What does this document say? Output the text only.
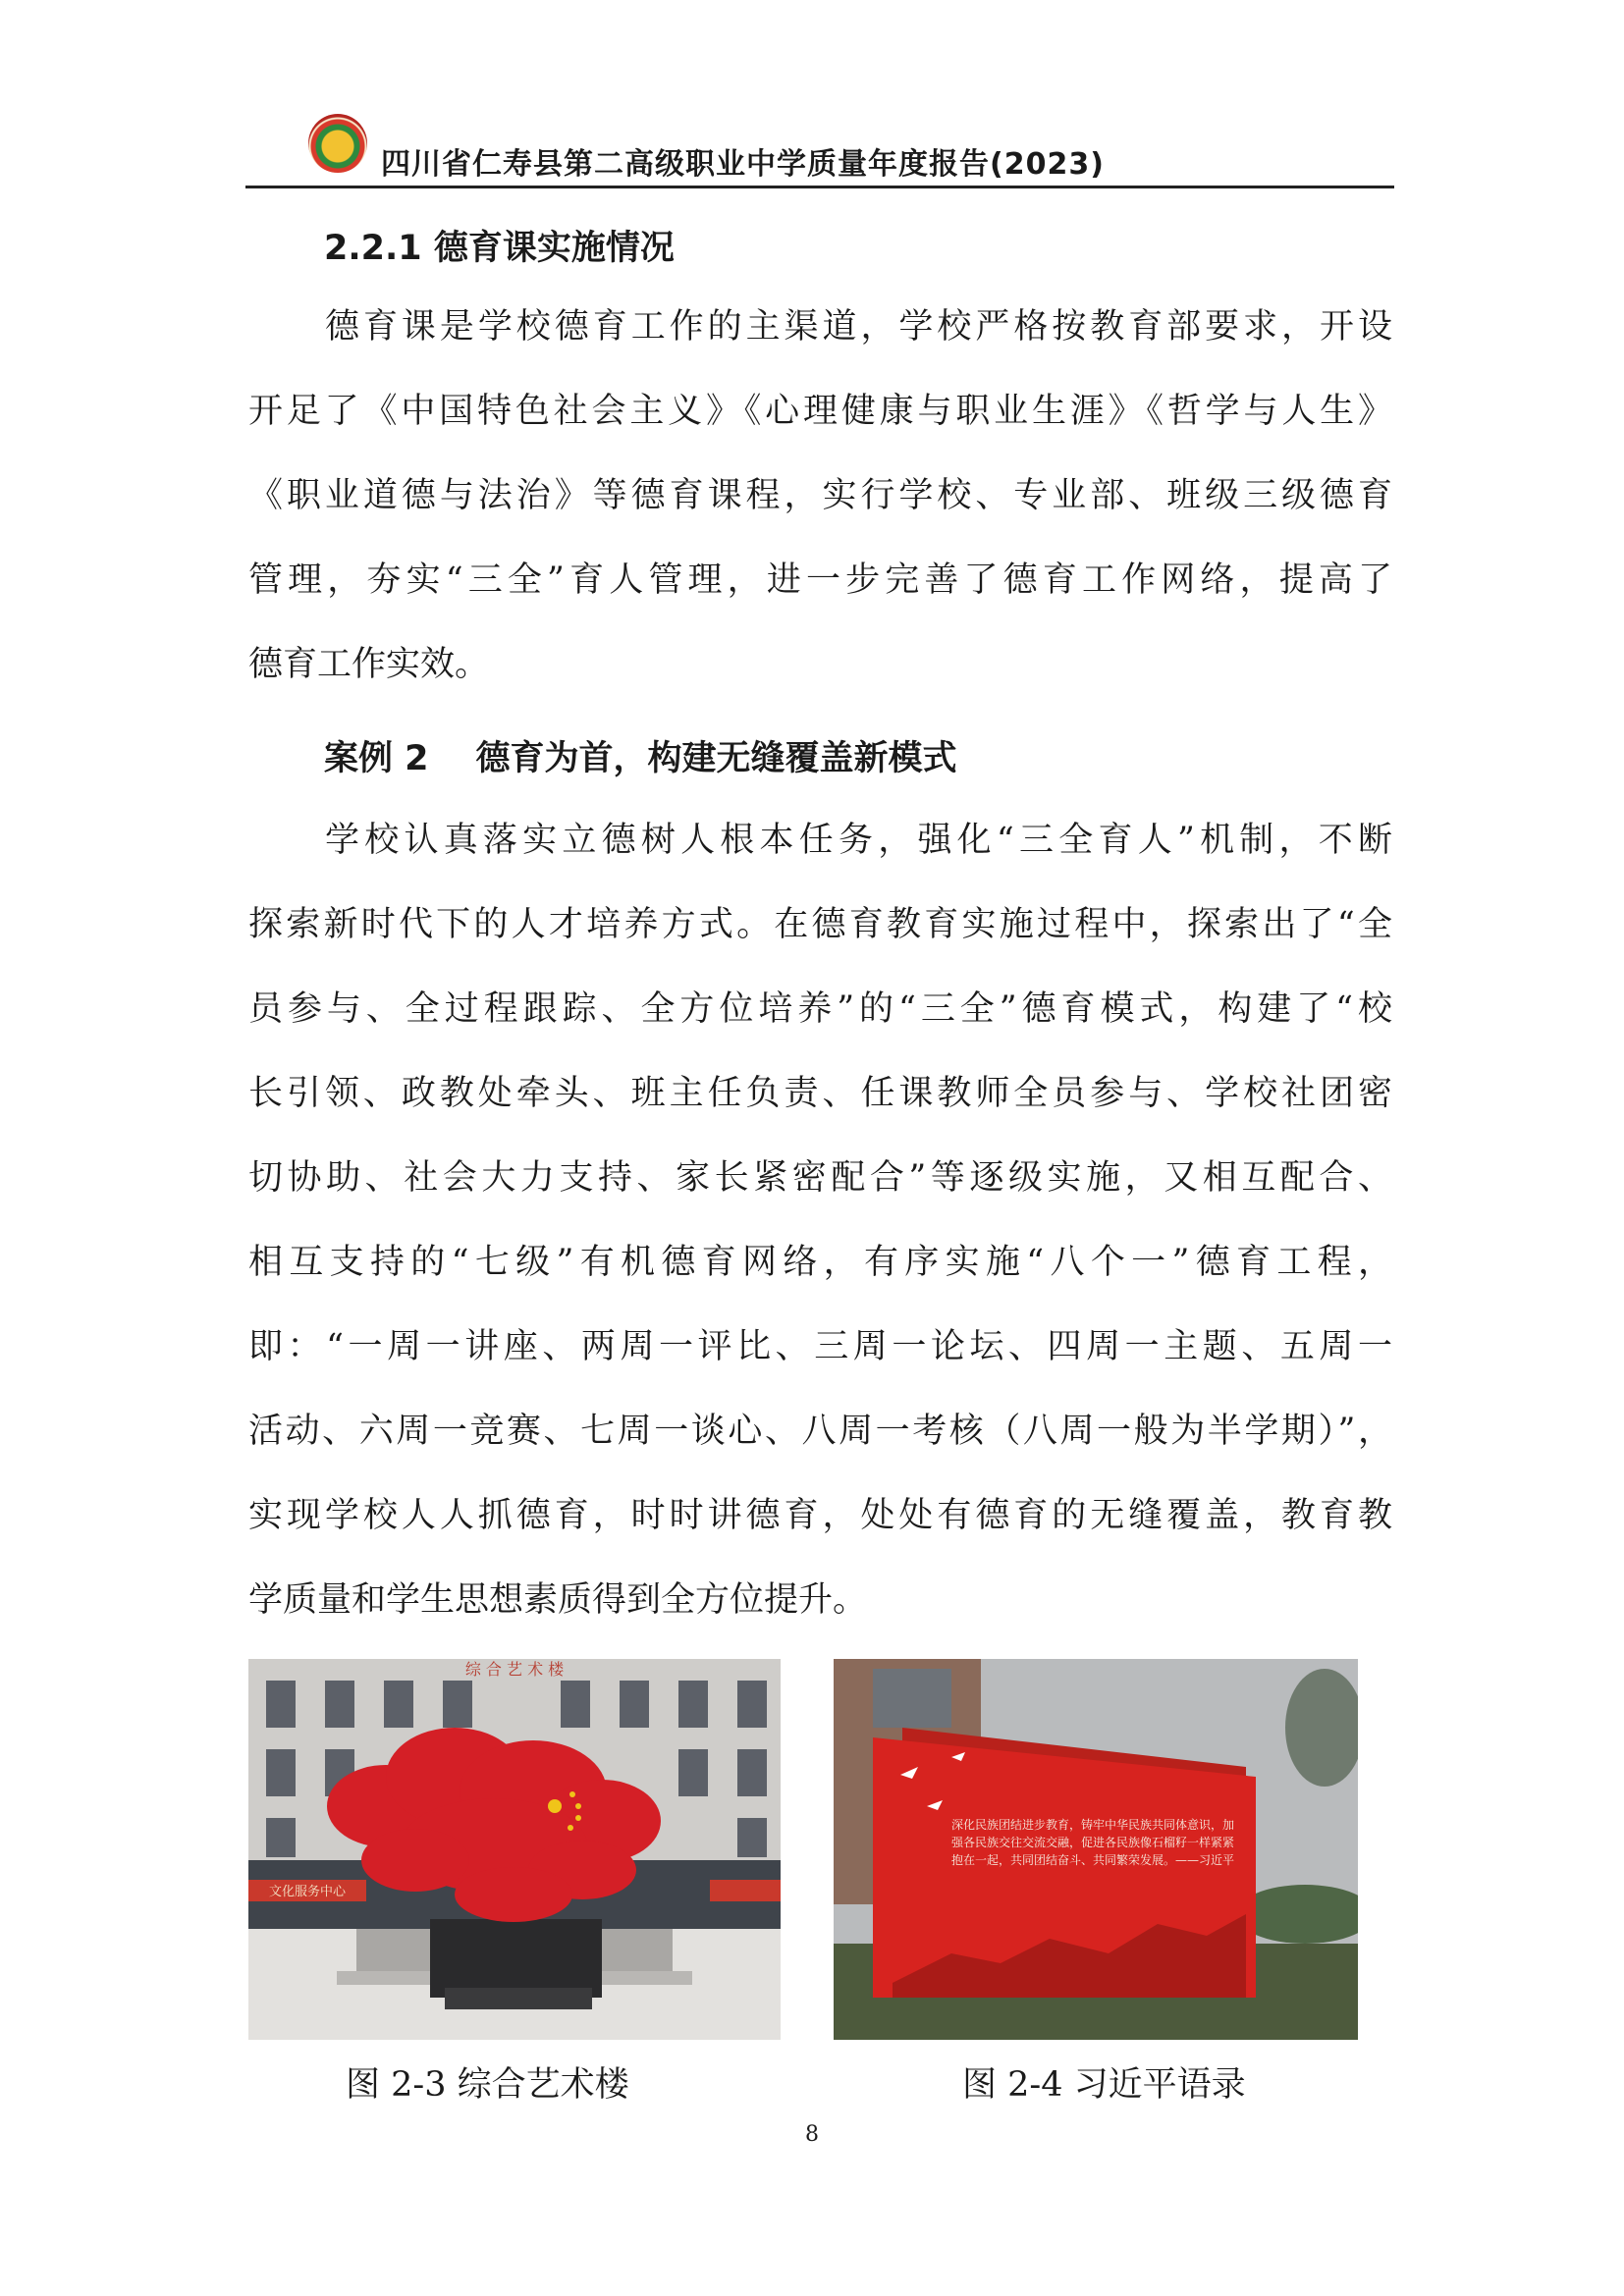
四川省仁寿县第二高级职业中学质量年度报告(2023)
2.2.1 德育课实施情况
德育课是学校德育工作的主渠道，学校严格按教育部要求，开设
开足了《中国特色社会主义》《心理健康与职业生涯》《哲学与人生》
《职业道德与法治》等德育课程，实行学校、专业部、班级三级德育
管理，夯实“三全”育人管理，进一步完善了德育工作网络，提高了
德育工作实效。
案例 2 德育为首，构建无缝覆盖新模式
学校认真落实立德树人根本任务，强化“三全育人”机制，不断
探索新时代下的人才培养方式。在德育教育实施过程中，探索出了“全
员参与、全过程跟踪、全方位培养”的“三全”德育模式，构建了“校
长引领、政教处牵头、班主任负责、任课教师全员参与、学校社团密
切协助、社会大力支持、家长紧密配合”等逐级实施，又相互配合、
相互支持的“七级”有机德育网络，有序实施“八个一”德育工程，
即：“一周一讲座、两周一评比、三周一论坛、四周一主题、五周一
活动、六周一竞赛、七周一谈心、八周一考核（八周一般为半学期）”，
实现学校人人抓德育，时时讲德育，处处有德育的无缝覆盖，教育教
学质量和学生思想素质得到全方位提升。
综 合 艺 术 楼
文化服务中心
深化民族团结进步教育，铸牢中华民族共同体意识，加强各民族交往交流交融，促进各民族像石榴籽一样紧紧抱在一起，共同团结奋斗、共同繁荣发展。——习近平
图 2-3 综合艺术楼	图 2-4 习近平语录
8
